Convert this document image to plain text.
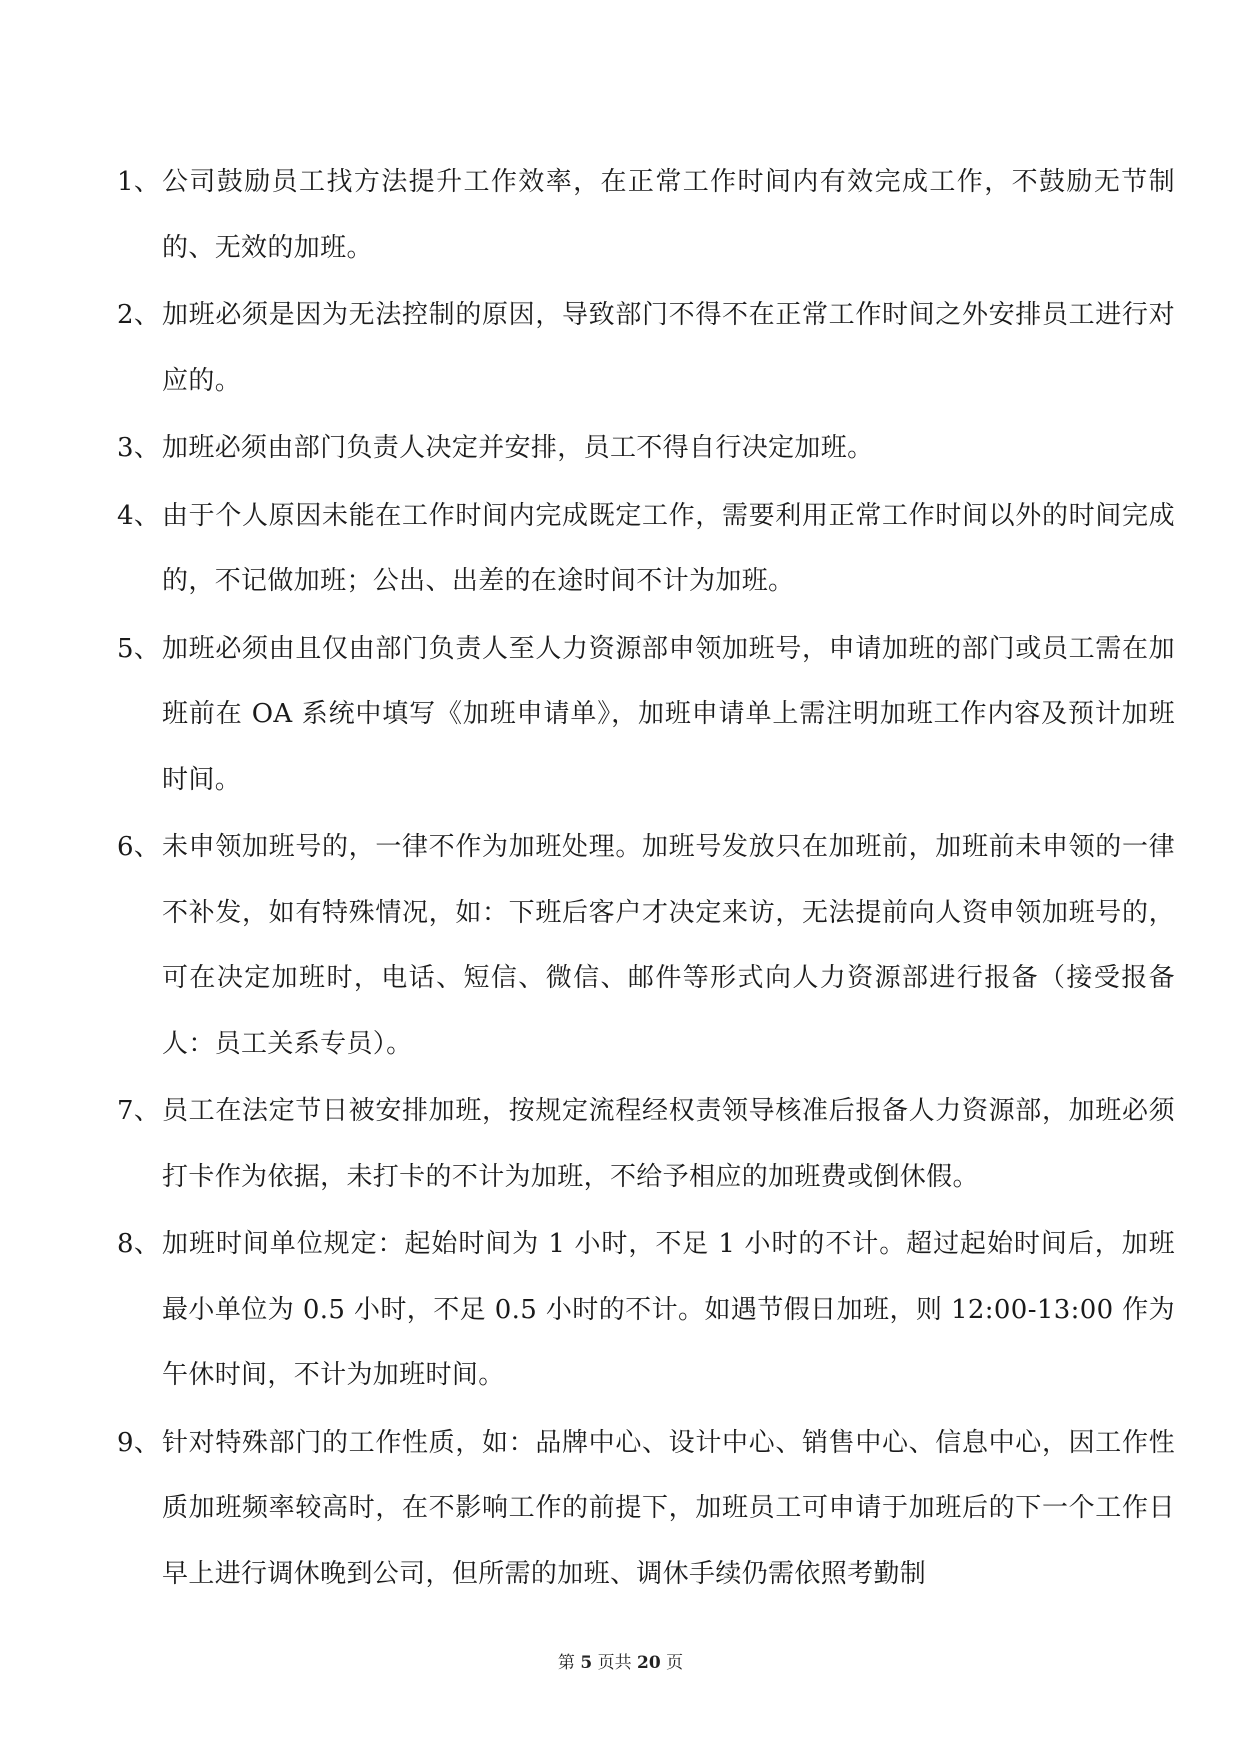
1、 公司鼓励员工找方法提升工作效率，在正常工作时间内有效完成工作，不鼓励无节制的、无效的加班。
2、 加班必须是因为无法控制的原因，导致部门不得不在正常工作时间之外安排员工进行对应的。
3、 加班必须由部门负责人决定并安排，员工不得自行决定加班。
4、 由于个人原因未能在工作时间内完成既定工作，需要利用正常工作时间以外的时间完成的，不记做加班；公出、出差的在途时间不计为加班。
5、 加班必须由且仅由部门负责人至人力资源部申领加班号，申请加班的部门或员工需在加班前在 OA 系统中填写《加班申请单》，加班申请单上需注明加班工作内容及预计加班时间。
6、 未申领加班号的，一律不作为加班处理。加班号发放只在加班前，加班前未申领的一律不补发，如有特殊情况，如：下班后客户才决定来访，无法提前向人资申领加班号的，可在决定加班时，电话、短信、微信、邮件等形式向人力资源部进行报备（接受报备人：员工关系专员）。
7、 员工在法定节日被安排加班，按规定流程经权责领导核准后报备人力资源部，加班必须打卡作为依据，未打卡的不计为加班，不给予相应的加班费或倒休假。
8、 加班时间单位规定：起始时间为 1 小时，不足 1 小时的不计。超过起始时间后，加班最小单位为 0.5 小时，不足 0.5 小时的不计。如遇节假日加班，则 12:00-13:00 作为午休时间，不计为加班时间。
9、 针对特殊部门的工作性质，如：品牌中心、设计中心、销售中心、信息中心，因工作性质加班频率较高时，在不影响工作的前提下，加班员工可申请于加班后的下一个工作日早上进行调休晚到公司，但所需的加班、调休手续仍需依照考勤制
第 5 页共 20 页
